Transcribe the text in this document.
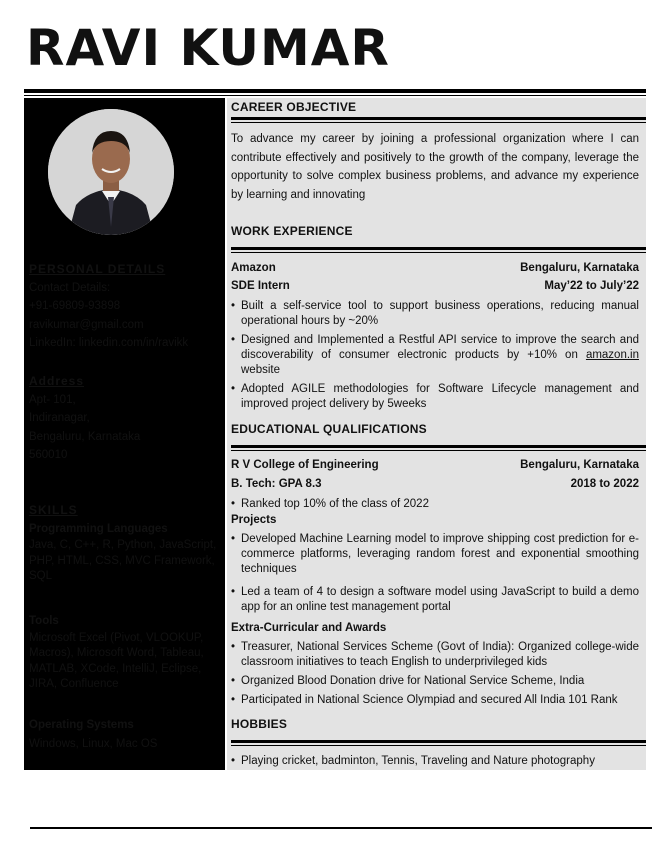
RAVI KUMAR
PERSONAL DETAILS
Contact Details:
+91-69809-93898
ravikumar@gmail.com
LinkedIn: linkedin.com/in/ravikk
Address
Apt- 101,
Indiranagar,
Bengaluru, Karnataka
560010
SKILLS
Programming Languages
Java, C, C++, R, Python, JavaScript,
PHP, HTML, CSS, MVC Framework,
SQL
Tools
Microsoft Excel (Pivot, VLOOKUP,
Macros), Microsoft Word, Tableau,
MATLAB, XCode, IntelliJ, Eclipse,
JIRA, Confluence
Operating Systems
Windows, Linux, Mac OS
CAREER OBJECTIVE
To advance my career by joining a professional organization where I can contribute effectively and positively to the growth of the company, leverage the opportunity to solve complex business problems, and advance my experience by learning and innovating
WORK EXPERIENCE
Amazon	Bengaluru, Karnataka
SDE Intern	May’22 to July’22
• Built a self-service tool to support business operations, reducing manual operational hours by ~20%
• Designed and Implemented a Restful API service to improve the search and discoverability of consumer electronic products by +10% on amazon.in website
• Adopted AGILE methodologies for Software Lifecycle management and improved project delivery by 5weeks
EDUCATIONAL QUALIFICATIONS
R V College of Engineering	Bengaluru, Karnataka
B. Tech: GPA 8.3	2018 to 2022
• Ranked top 10% of the class of 2022
Projects
• Developed Machine Learning model to improve shipping cost prediction for e-commerce platforms, leveraging random forest and exponential smoothing techniques
• Led a team of 4 to design a software model using JavaScript to build a demo app for an online test management portal
Extra-Curricular and Awards
• Treasurer, National Services Scheme (Govt of India): Organized college-wide classroom initiatives to teach English to underprivileged kids
• Organized Blood Donation drive for National Service Scheme, India
• Participated in National Science Olympiad and secured All India 101 Rank
HOBBIES
• Playing cricket, badminton, Tennis, Traveling and Nature photography
